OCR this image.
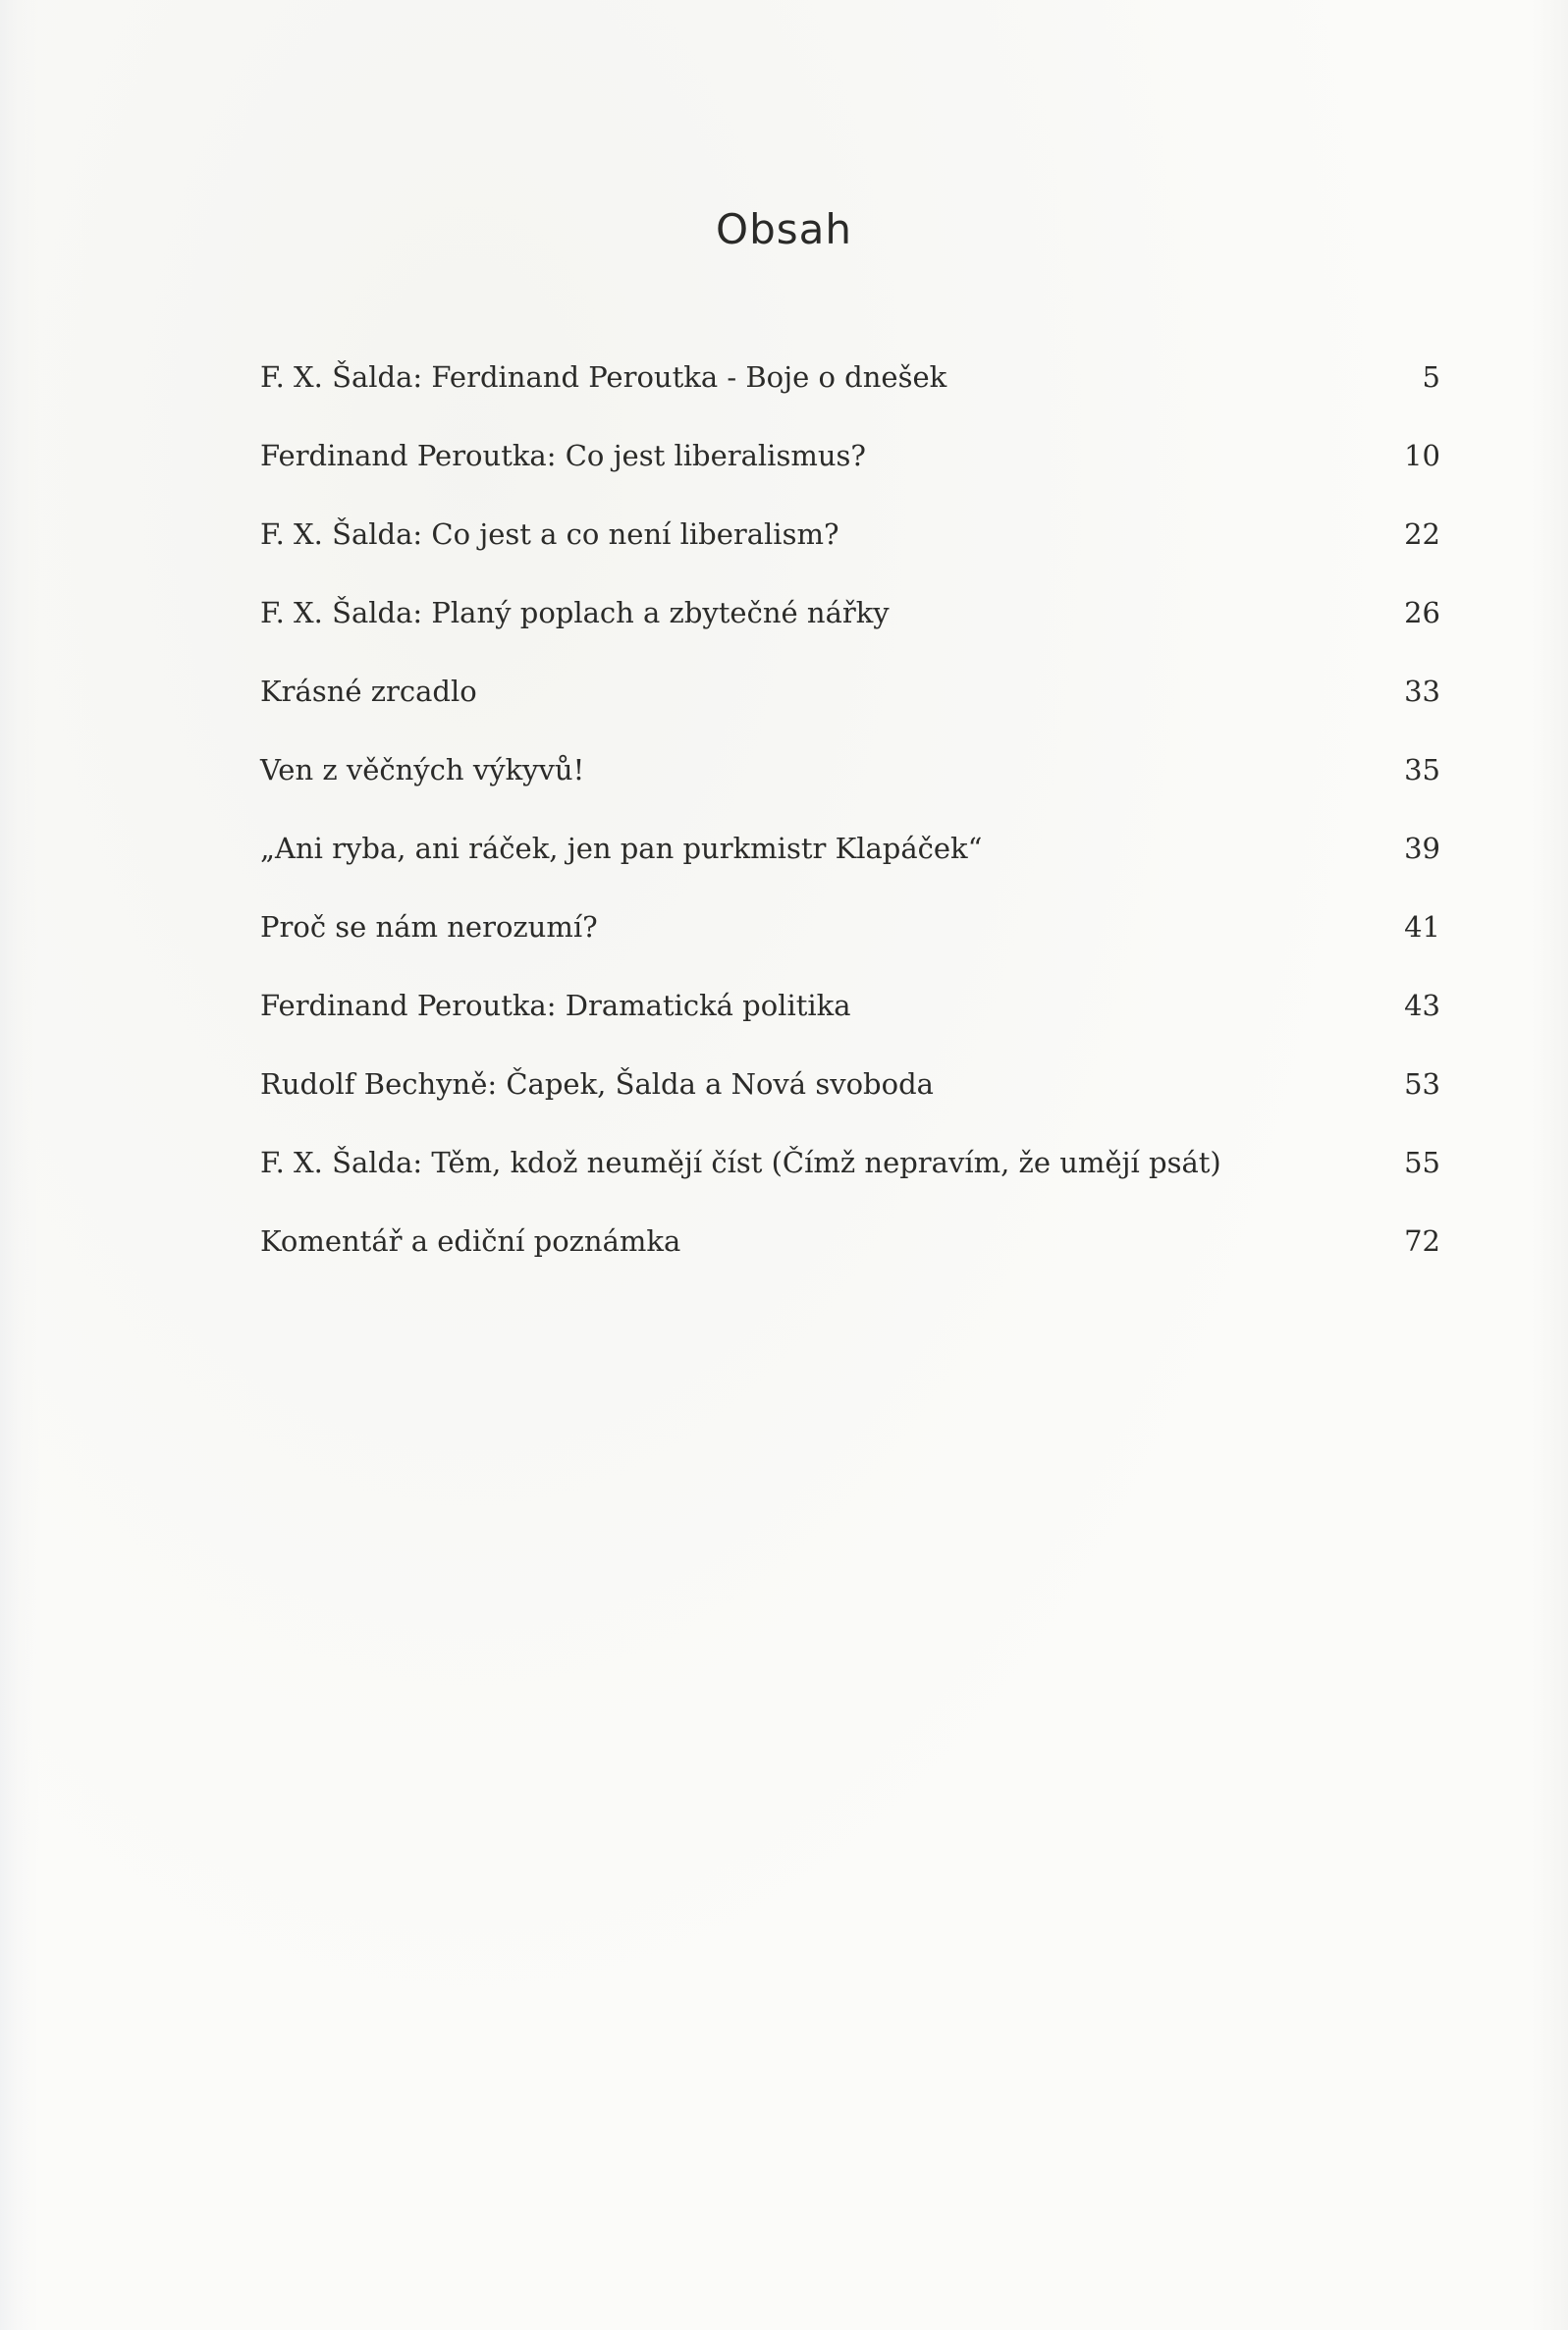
Obsah
F. X. Šalda: Ferdinand Peroutka - Boje o dnešek	5
Ferdinand Peroutka: Co jest liberalismus?	10
F. X. Šalda: Co jest a co není liberalism?	22
F. X. Šalda: Planý poplach a zbytečné nářky	26
Krásné zrcadlo	33
Ven z věčných výkyvů!	35
„Ani ryba, ani ráček, jen pan purkmistr Klapáček“	39
Proč se nám nerozumí?	41
Ferdinand Peroutka: Dramatická politika	43
Rudolf Bechyně: Čapek, Šalda a Nová svoboda	53
F. X. Šalda: Těm, kdož neumějí číst (Čímž nepravím, že umějí psát)	55
Komentář a ediční poznámka	72
